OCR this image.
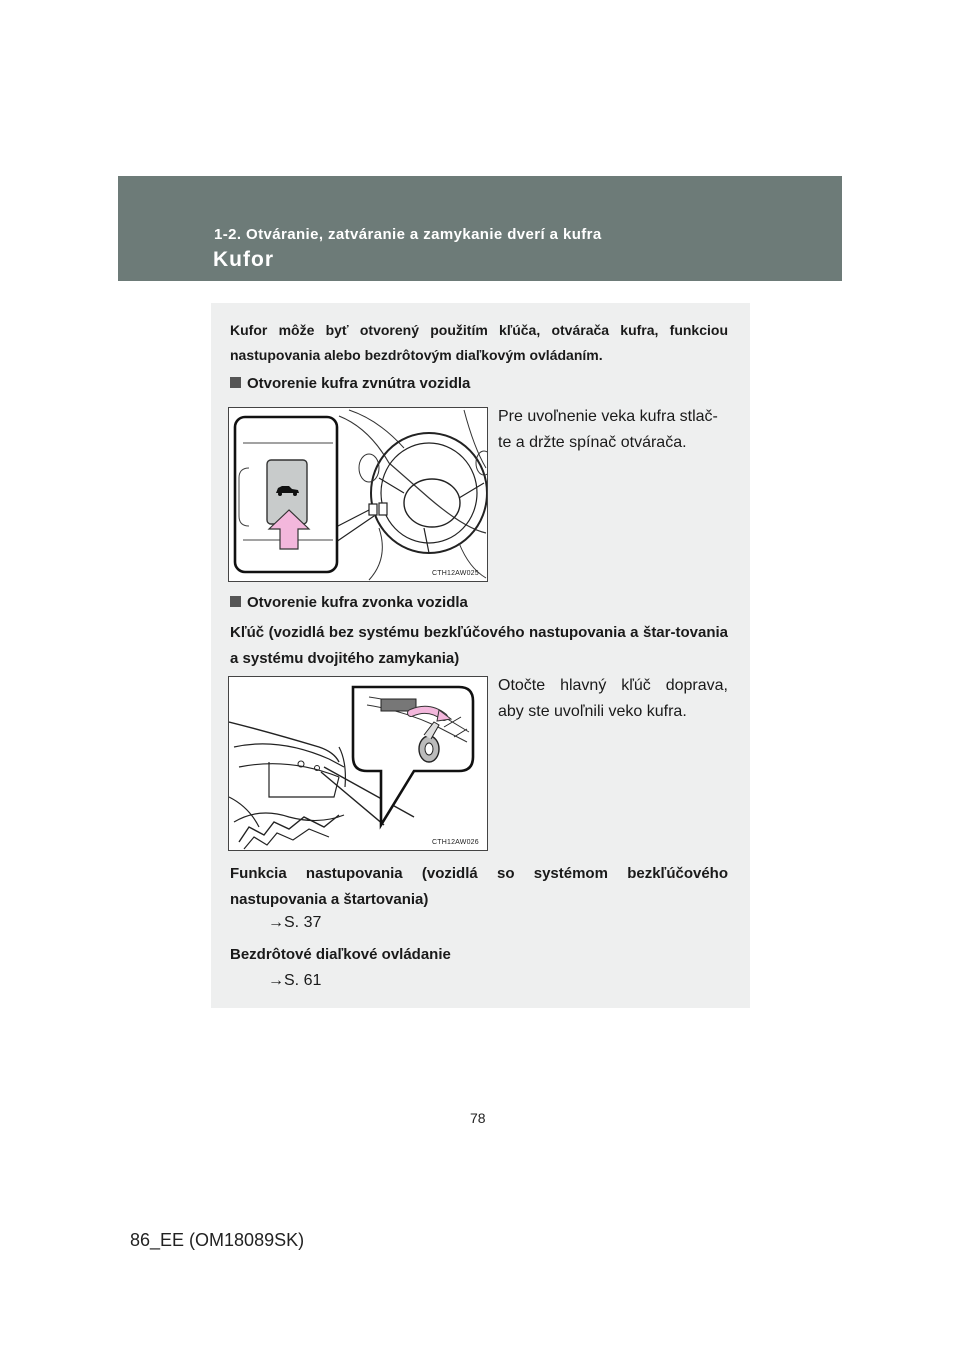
1-2. Otváranie, zatváranie a zamykanie dverí a kufra
Kufor
Kufor môže byť otvorený použitím kľúča, otvárača kufra, funkciou nastupovania alebo bezdrôtovým diaľkovým ovládaním.
Otvorenie kufra zvnútra vozidla
CTH12AW025
Pre uvoľnenie veka kufra stlač-
te a držte spínač otvárača.
Otvorenie kufra zvonka vozidla
Kľúč (vozidlá bez systému bezkľúčového nastupovania a štar-tovania a systému dvojitého zamykania)
CTH12AW026
Otočte hlavný kľúč doprava,
aby ste uvoľnili veko kufra.
Funkcia nastupovania (vozidlá so systémom bezkľúčového nastupovania a štartovania)
→S. 37
Bezdrôtové diaľkové ovládanie
→S. 61
78
86_EE (OM18089SK)
